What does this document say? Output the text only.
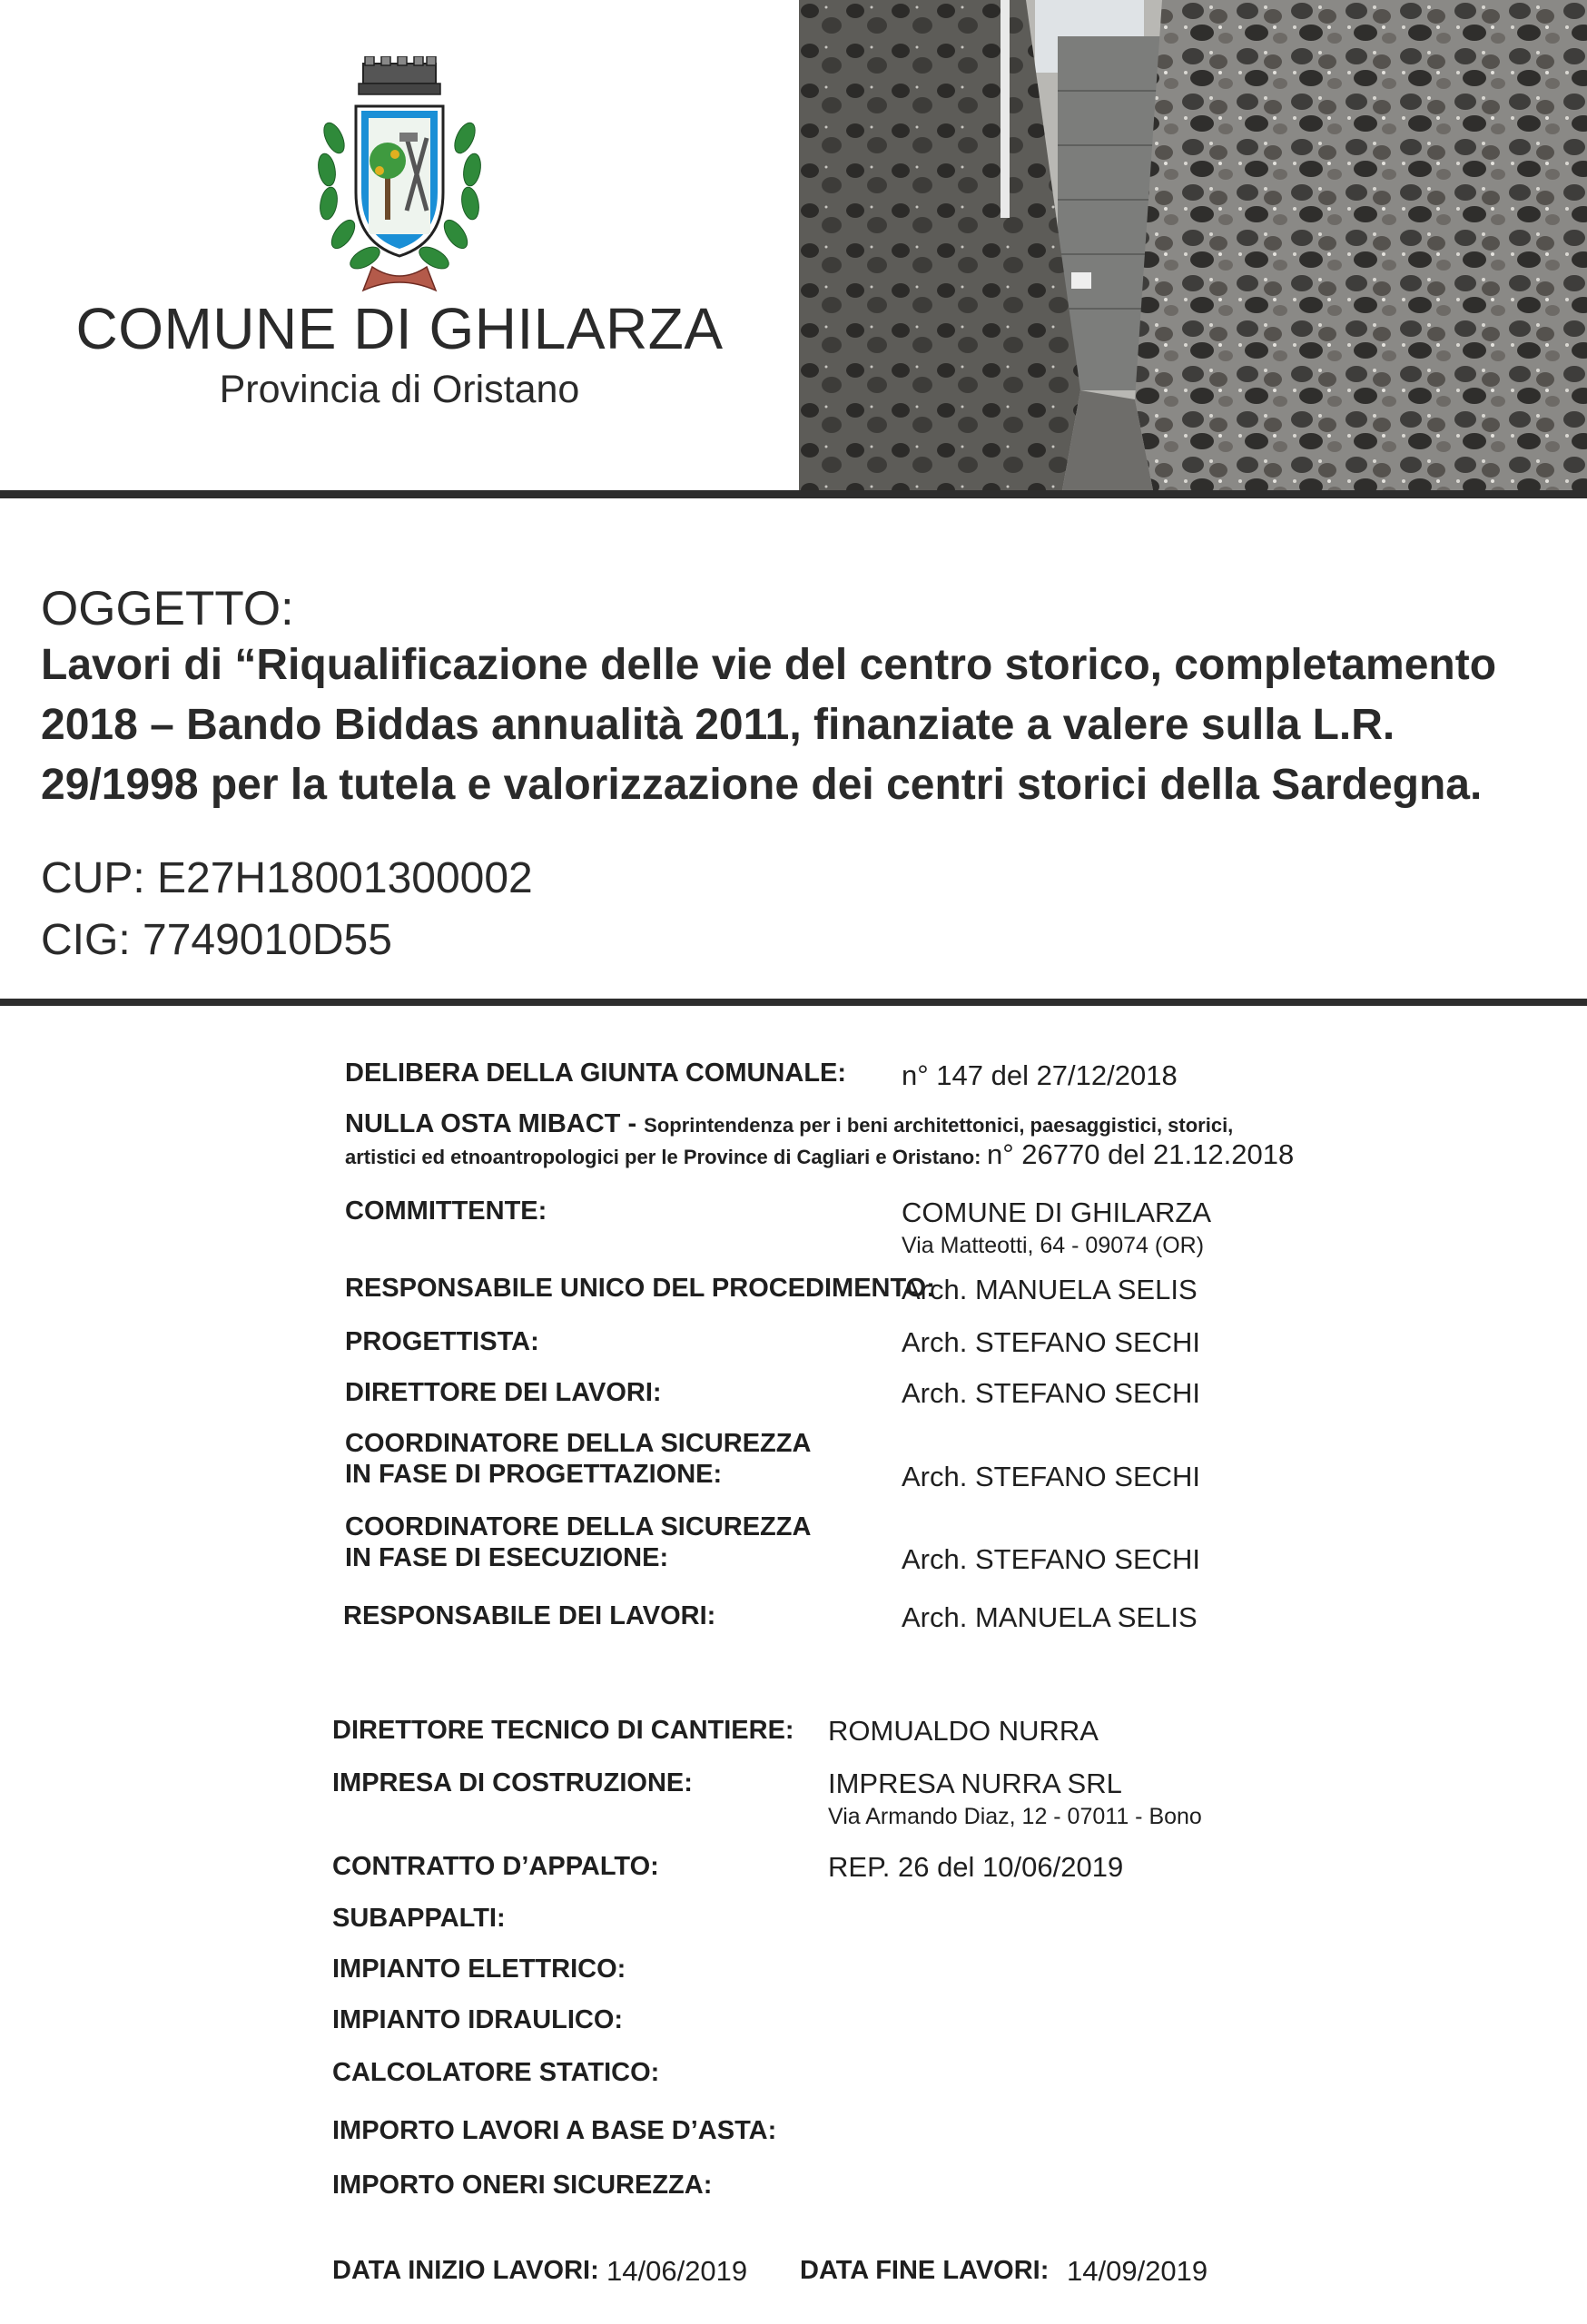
COMUNE DI GHILARZA
Provincia di Oristano
OGGETTO:
Lavori di “Riqualificazione delle vie del centro storico, completamento
2018 – Bando Biddas annualità 2011, finanziate a valere sulla L.R.
29/1998 per la tutela e valorizzazione dei centri storici della Sardegna.
CUP: E27H18001300002
CIG: 7749010D55
DELIBERA DELLA GIUNTA COMUNALE: n° 147 del 27/12/2018
NULLA OSTA MIBACT - Soprintendenza per i beni architettonici, paesaggistici, storici,
artistici ed etnoantropologici per le Province di Cagliari e Oristano: n° 26770 del 21.12.2018
COMMITTENTE:	COMUNE DI GHILARZA
Via Matteotti, 64 - 09074 (OR)
RESPONSABILE UNICO DEL PROCEDIMENTO:
Arch. MANUELA SELIS
PROGETTISTA:	Arch. STEFANO SECHI
DIRETTORE DEI LAVORI:	Arch. STEFANO SECHI
COORDINATORE DELLA SICUREZZA
IN FASE DI PROGETTAZIONE:	Arch. STEFANO SECHI
COORDINATORE DELLA SICUREZZA
IN FASE DI ESECUZIONE:	Arch. STEFANO SECHI
RESPONSABILE DEI LAVORI:	Arch. MANUELA SELIS
DIRETTORE TECNICO DI CANTIERE: ROMUALDO NURRA
IMPRESA DI COSTRUZIONE:	IMPRESA NURRA SRL
Via Armando Diaz, 12 - 07011 - Bono
CONTRATTO D’APPALTO:	REP. 26 del 10/06/2019
SUBAPPALTI:
IMPIANTO ELETTRICO:
IMPIANTO IDRAULICO:
CALCOLATORE STATICO:
IMPORTO LAVORI A BASE D’ASTA:
IMPORTO ONERI SICUREZZA:
DATA INIZIO LAVORI: 14/06/2019 DATA FINE LAVORI: 14/09/2019
